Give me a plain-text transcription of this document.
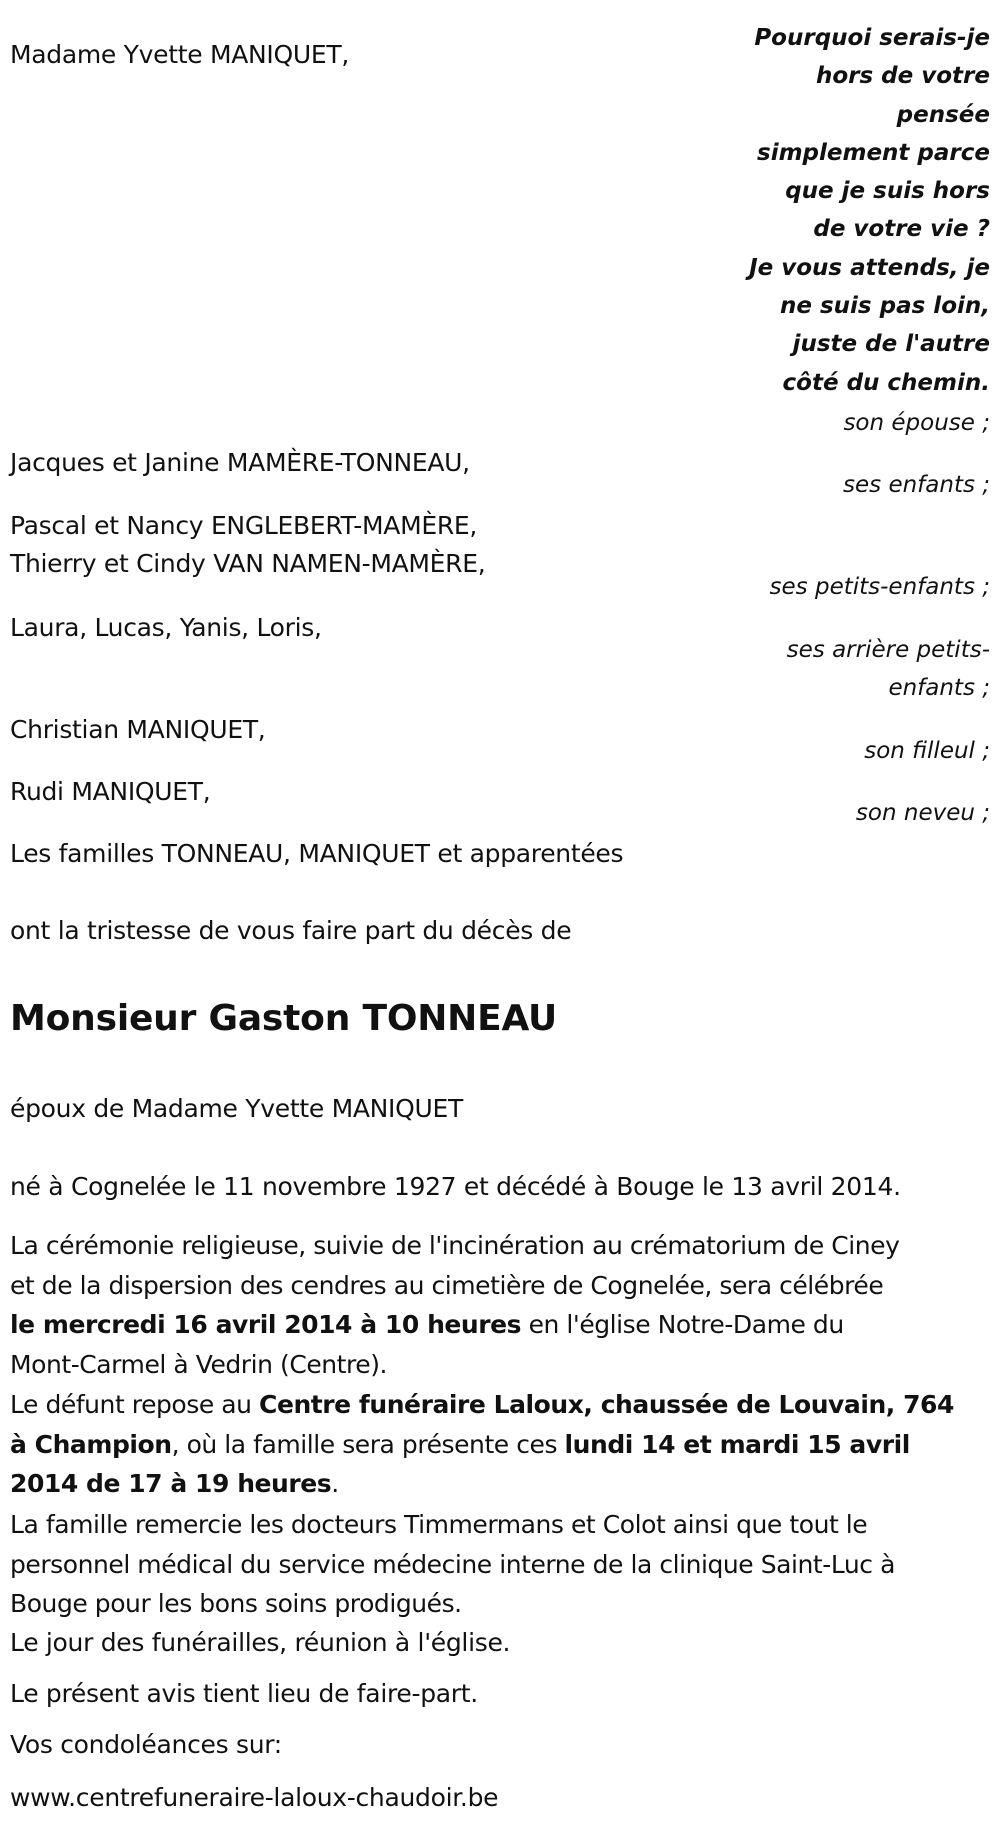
Pourquoi serais-je
hors de votre
pensée
simplement parce
que je suis hors
de votre vie ?
Je vous attends, je
ne suis pas loin,
juste de l'autre
côté du chemin.
Madame Yvette MANIQUET,
son épouse ;
Jacques et Janine MAMÈRE-TONNEAU,
ses enfants ;
Pascal et Nancy ENGLEBERT-MAMÈRE,
Thierry et Cindy VAN NAMEN-MAMÈRE,
ses petits-enfants ;
Laura, Lucas, Yanis, Loris,
ses arrière petits-
enfants ;
Christian MANIQUET,
son filleul ;
Rudi MANIQUET,
son neveu ;
Les familles TONNEAU, MANIQUET et apparentées
ont la tristesse de vous faire part du décès de
Monsieur Gaston TONNEAU
époux de Madame Yvette MANIQUET
né à Cognelée le 11 novembre 1927 et décédé à Bouge le 13 avril 2014.
La cérémonie religieuse, suivie de l'incinération au crématorium de Ciney
et de la dispersion des cendres au cimetière de Cognelée, sera célébrée
le mercredi 16 avril 2014 à 10 heures en l'église Notre-Dame du
Mont-Carmel à Vedrin (Centre).
Le défunt repose au Centre funéraire Laloux, chaussée de Louvain, 764
à Champion, où la famille sera présente ces lundi 14 et mardi 15 avril
2014 de 17 à 19 heures.
La famille remercie les docteurs Timmermans et Colot ainsi que tout le
personnel médical du service médecine interne de la clinique Saint-Luc à
Bouge pour les bons soins prodigués.
Le jour des funérailles, réunion à l'église.
Le présent avis tient lieu de faire-part.
Vos condoléances sur:
www.centrefuneraire-laloux-chaudoir.be
